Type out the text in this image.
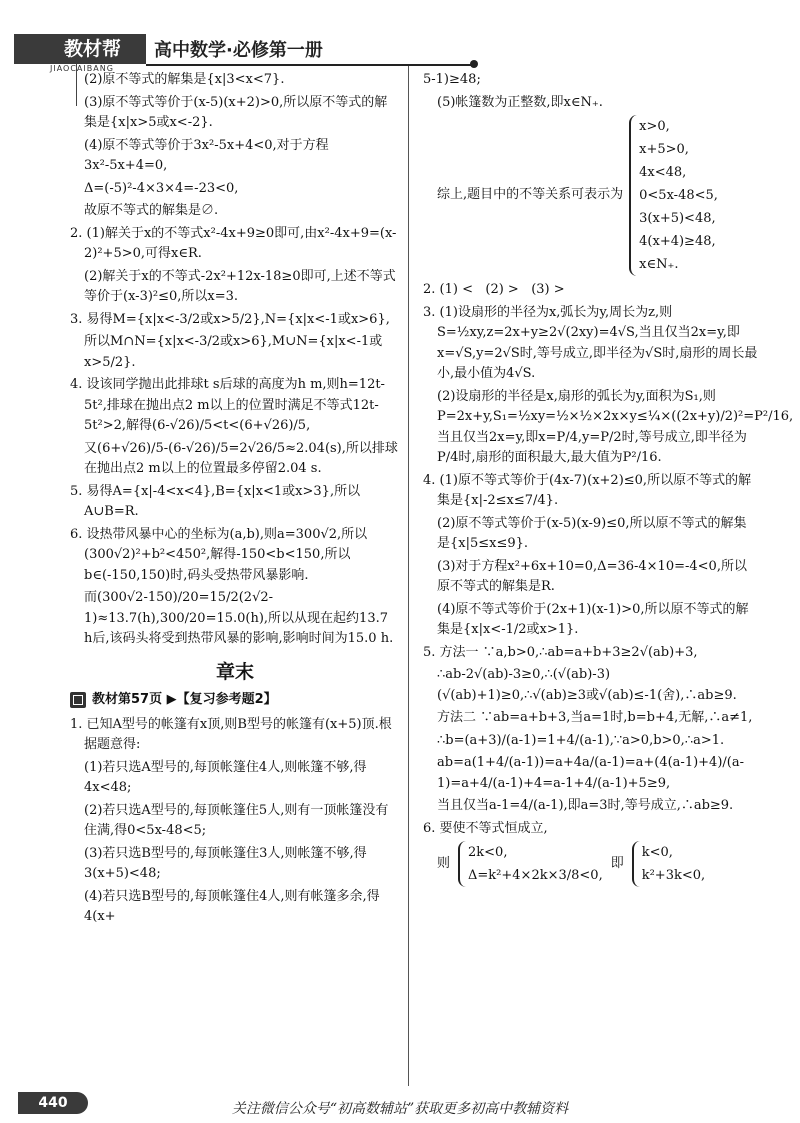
教材帮
JIAOCAIBANG
高中数学·必修第一册

(2)原不等式的解集是{x|3<x<7}.

(3)原不等式等价于(x-5)(x+2)>0,所以原不等式的解集是{x|x>5或x<-2}.

(4)原不等式等价于3x²-5x+4<0,对于方程3x²-5x+4=0,

Δ=(-5)²-4×3×4=-23<0,

故原不等式的解集是∅.

2. (1)解关于x的不等式x²-4x+9≥0即可,由x²-4x+9=(x-2)²+5>0,可得x∈R.

(2)解关于x的不等式-2x²+12x-18≥0即可,上述不等式等价于(x-3)²≤0,所以x=3.

3. 易得M={x|x<-3/2或x>5/2},N={x|x<-1或x>6},

所以M∩N={x|x<-3/2或x>6},M∪N={x|x<-1或x>5/2}.

4. 设该同学抛出此排球t s后球的高度为h m,则h=12t-5t²,排球在抛出点2 m以上的位置时满足不等式12t-5t²>2,解得(6-√26)/5<t<(6+√26)/5,

又(6+√26)/5-(6-√26)/5=2√26/5≈2.04(s),所以排球在抛出点2 m以上的位置最多停留2.04 s.

5. 易得A={x|-4<x<4},B={x|x<1或x>3},所以A∪B=R.

6. 设热带风暴中心的坐标为(a,b),则a=300√2,所以(300√2)²+b²<450²,解得-150<b<150,所以b∈(-150,150)时,码头受热带风暴影响.

而(300√2-150)/20=15/2(2√2-1)≈13.7(h),300/20=15.0(h),所以从现在起约13.7 h后,该码头将受到热带风暴的影响,影响时间为15.0 h.

章末
教材第57页 ▶【复习参考题2】

1. 已知A型号的帐篷有x顶,则B型号的帐篷有(x+5)顶.根据题意得:

(1)若只选A型号的,每顶帐篷住4人,则帐篷不够,得4x<48;

(2)若只选A型号的,每顶帐篷住5人,则有一顶帐篷没有住满,得0<5x-48<5;

(3)若只选B型号的,每顶帐篷住3人,则帐篷不够,得3(x+5)<48;

(4)若只选B型号的,每顶帐篷住4人,则有帐篷多余,得4(x+

5-1)≥48;

(5)帐篷数为正整数,即x∈N₊.

综上,题目中的不等关系可表示为
x>0,
x+5>0,
4x<48,
0<5x-48<5,
3(x+5)<48,
4(x+4)≥48,
x∈N₊.

2. (1) <   (2) >   (3) >

3. (1)设扇形的半径为x,弧长为y,周长为z,则S=½xy,z=2x+y≥2√(2xy)=4√S,当且仅当2x=y,即x=√S,y=2√S时,等号成立,即半径为√S时,扇形的周长最小,最小值为4√S.

(2)设扇形的半径是x,扇形的弧长为y,面积为S₁,则P=2x+y,S₁=½xy=½×½×2x×y≤¼×((2x+y)/2)²=P²/16,当且仅当2x=y,即x=P/4,y=P/2时,等号成立,即半径为P/4时,扇形的面积最大,最大值为P²/16.

4. (1)原不等式等价于(4x-7)(x+2)≤0,所以原不等式的解集是{x|-2≤x≤7/4}.

(2)原不等式等价于(x-5)(x-9)≤0,所以原不等式的解集是{x|5≤x≤9}.

(3)对于方程x²+6x+10=0,Δ=36-4×10=-4<0,所以原不等式的解集是R.

(4)原不等式等价于(2x+1)(x-1)>0,所以原不等式的解集是{x|x<-1/2或x>1}.

5. 方法一 ∵a,b>0,∴ab=a+b+3≥2√(ab)+3,

∴ab-2√(ab)-3≥0,∴(√(ab)-3)(√(ab)+1)≥0,∴√(ab)≥3或√(ab)≤-1(舍),∴ab≥9.

方法二 ∵ab=a+b+3,当a=1时,b=b+4,无解,∴a≠1,

∴b=(a+3)/(a-1)=1+4/(a-1),∵a>0,b>0,∴a>1.

ab=a(1+4/(a-1))=a+4a/(a-1)=a+(4(a-1)+4)/(a-1)=a+4/(a-1)+4=a-1+4/(a-1)+5≥9,

当且仅当a-1=4/(a-1),即a=3时,等号成立,∴ab≥9.

6. 要使不等式恒成立,

则
2k<0,
Δ=k²+4×2k×3/8<0,
即
k<0,
k²+3k<0,
440	关注微信公众号“初高数辅站”获取更多初高中教辅资料
